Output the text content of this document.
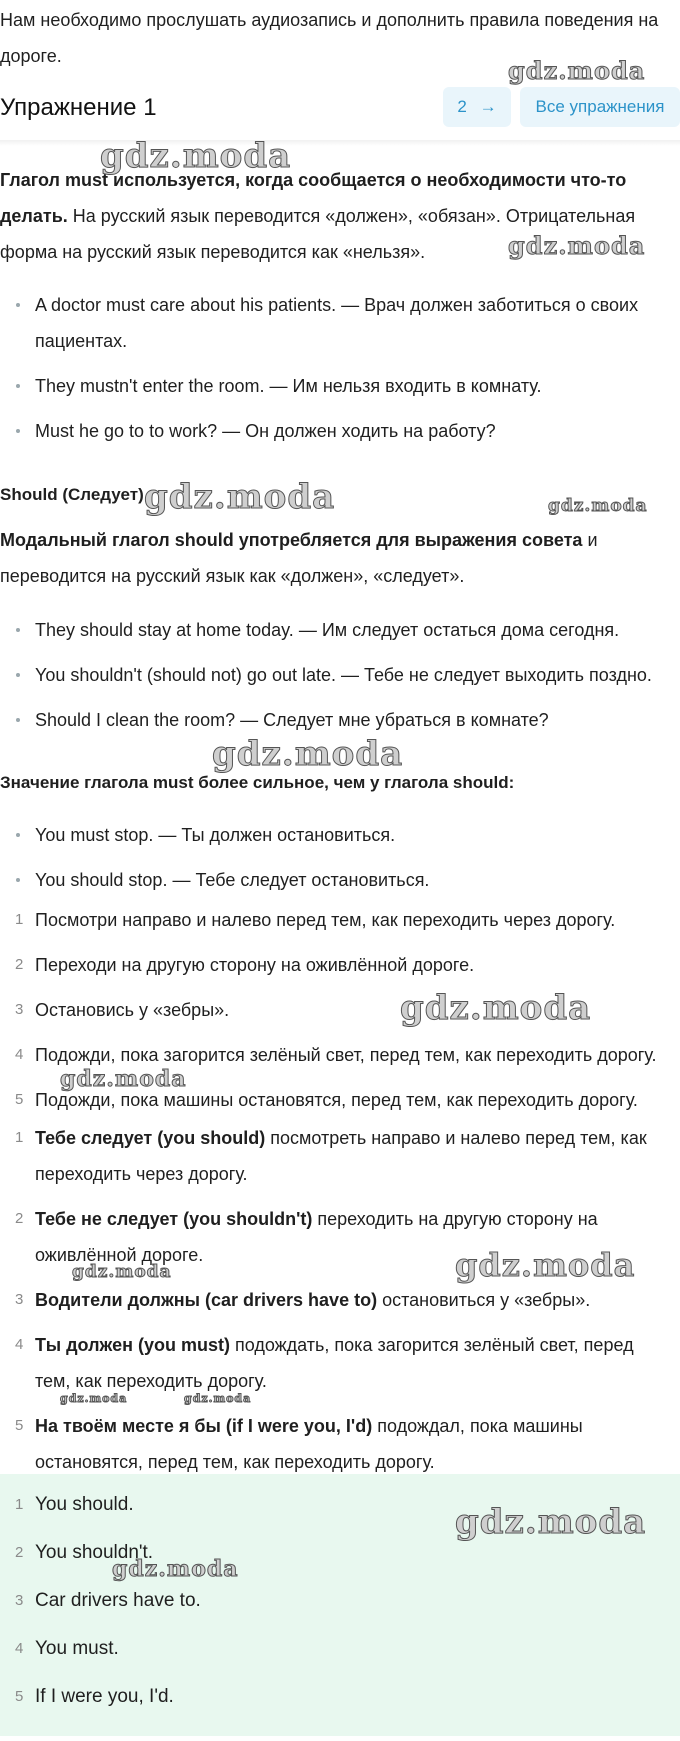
Нам необходимо прослушать аудиозапись и дополнить правила поведения на дороге.

Упражнение 1	2 →	Все упражнения

Глагол must используется, когда сообщается о необходимости что-то делать. На русский язык переводится «должен», «обязан». Отрицательная форма на русский язык переводится как «нельзя».

A doctor must care about his patients. — Врач должен заботиться о своих пациентах.
They mustn't enter the room. — Им нельзя входить в комнату.
Must he go to to work? — Он должен ходить на работу?
Should (Следует)

Модальный глагол should употребляется для выражения совета и переводится на русский язык как «должен», «следует».

They should stay at home today. — Им следует остаться дома сегодня.
You shouldn't (should not) go out late. — Тебе не следует выходить поздно.
Should I clean the room? — Следует мне убраться в комнате?
Значение глагола must более сильное, чем у глагола should:
You must stop. — Ты должен остановиться.
You should stop. — Тебе следует остановиться.
1 Посмотри направо и налево перед тем, как переходить через дорогу.
2 Переходи на другую сторону на оживлённой дороге.
3 Остановись у «зебры».
4 Подожди, пока загорится зелёный свет, перед тем, как переходить дорогу.
5 Подожди, пока машины остановятся, перед тем, как переходить дорогу.
1 Тебе следует (you should) посмотреть направо и налево перед тем, как переходить через дорогу.
2 Тебе не следует (you shouldn't) переходить на другую сторону на оживлённой дороге.
3 Водители должны (car drivers have to) остановиться у «зебры».
4 Ты должен (you must) подождать, пока загорится зелёный свет, перед тем, как переходить дорогу.
5 На твоём месте я бы (if I were you, I'd) подождал, пока машины остановятся, перед тем, как переходить дорогу.
1 You should.
2 You shouldn't.
3 Car drivers have to.
4 You must.
5 If I were you, I'd.
gdz.moda
gdz.moda
gdz.moda
gdz.moda	gdz.moda
gdz.moda
gdz.moda
gdz.moda
gdz.moda
gdz.moda
gdz.moda	gdz.moda
gdz.moda
gdz.moda
